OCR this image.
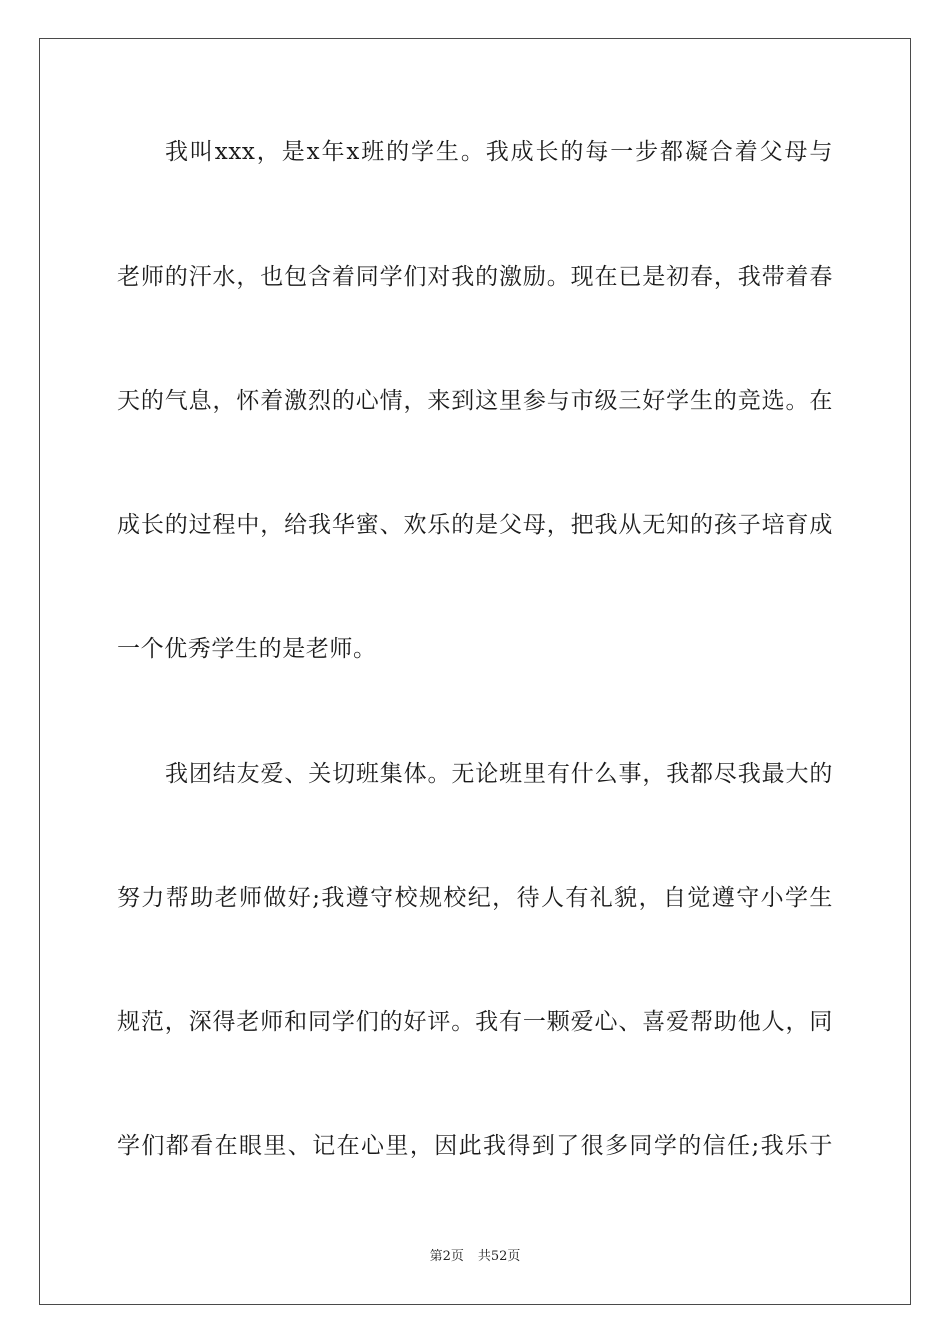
我叫xxx，是x年x班的学生。我成长的每一步都凝合着父母与
老师的汗水，也包含着同学们对我的激励。现在已是初春，我带着春
天的气息，怀着激烈的心情，来到这里参与市级三好学生的竞选。在
成长的过程中，给我华蜜、欢乐的是父母，把我从无知的孩子培育成
一个优秀学生的是老师。
我团结友爱、关切班集体。无论班里有什么事，我都尽我最大的
努力帮助老师做好;我遵守校规校纪，待人有礼貌，自觉遵守小学生
规范，深得老师和同学们的好评。我有一颗爱心、喜爱帮助他人，同
学们都看在眼里、记在心里，因此我得到了很多同学的信任;我乐于
第2页 共52页
